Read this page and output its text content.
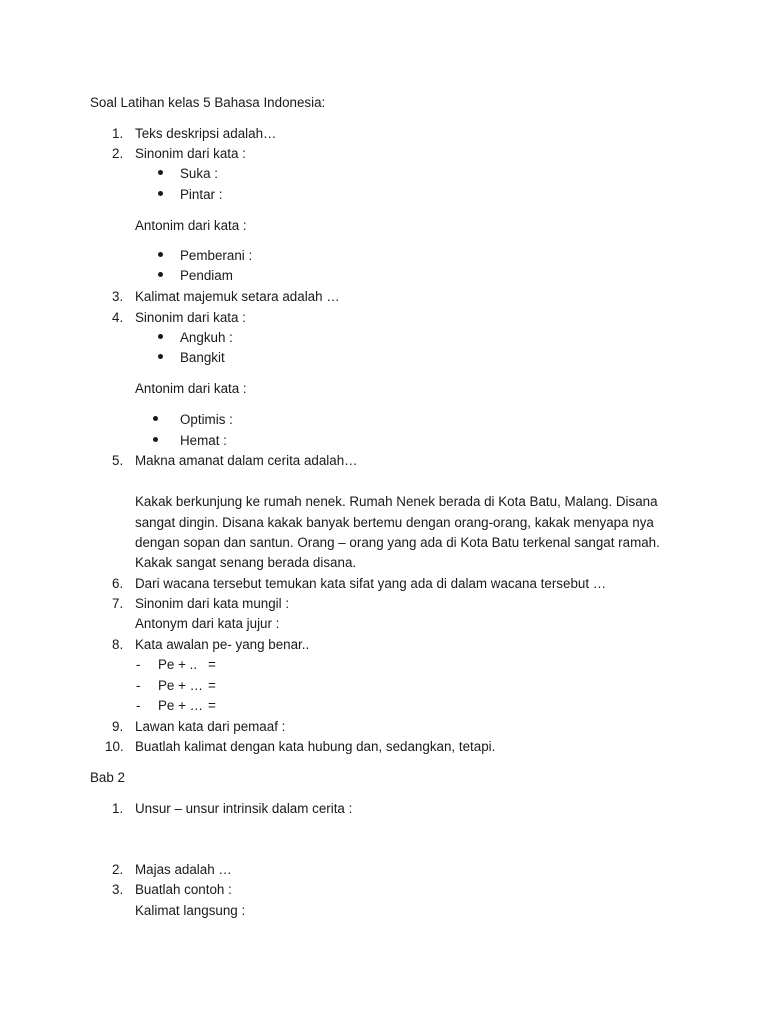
Soal Latihan kelas 5 Bahasa Indonesia:
1. Teks deskripsi adalah…
2. Sinonim dari kata :
Suka :
Pintar :
Antonim dari kata :
Pemberani :
Pendiam
3. Kalimat majemuk setara adalah …
4. Sinonim dari kata :
Angkuh :
Bangkit
Antonim dari kata :
Optimis :
Hemat :
5. Makna amanat dalam cerita adalah…
Kakak berkunjung ke rumah nenek. Rumah Nenek berada di Kota Batu, Malang. Disana
sangat dingin. Disana kakak banyak bertemu dengan orang-orang, kakak menyapa nya
dengan sopan dan santun. Orang – orang yang ada di Kota Batu terkenal sangat ramah.
Kakak sangat senang berada disana.
6. Dari wacana tersebut temukan kata sifat yang ada di dalam wacana tersebut …
7. Sinonim dari kata mungil :
Antonym dari kata jujur :
8. Kata awalan pe- yang benar..
- Pe + .. =
- Pe + … =
- Pe + … =
9. Lawan kata dari pemaaf :
10. Buatlah kalimat dengan kata hubung dan, sedangkan, tetapi.
Bab 2
1. Unsur – unsur intrinsik dalam cerita :
2. Majas adalah …
3. Buatlah contoh :
Kalimat langsung :
